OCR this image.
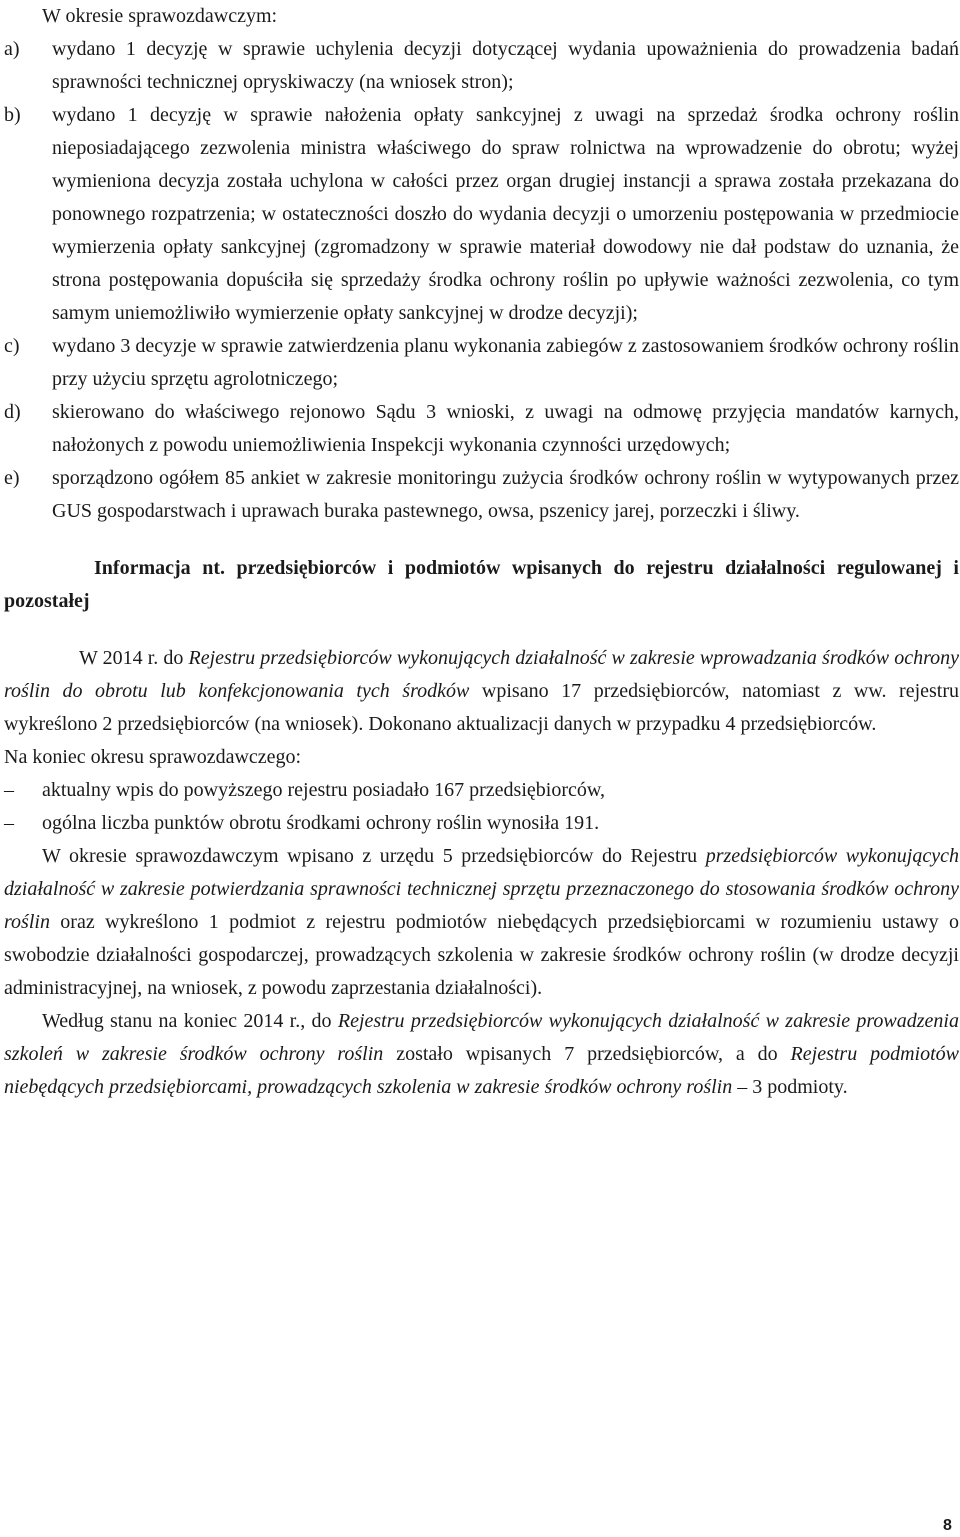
W okresie sprawozdawczym:

a) wydano 1 decyzję w sprawie uchylenia decyzji dotyczącej wydania upoważnienia do prowadzenia badań sprawności technicznej opryskiwaczy (na wniosek stron);
b) wydano 1 decyzję w sprawie nałożenia opłaty sankcyjnej z uwagi na sprzedaż środka ochrony roślin nieposiadającego zezwolenia ministra właściwego do spraw rolnictwa na wprowadzenie do obrotu; wyżej wymieniona decyzja została uchylona w całości przez organ drugiej instancji a sprawa została przekazana do ponownego rozpatrzenia; w ostateczności doszło do wydania decyzji o umorzeniu postępowania w przedmiocie wymierzenia opłaty sankcyjnej (zgromadzony w sprawie materiał dowodowy nie dał podstaw do uznania, że strona postępowania dopuściła się sprzedaży środka ochrony roślin po upływie ważności zezwolenia, co tym samym uniemożliwiło wymierzenie opłaty sankcyjnej w drodze decyzji);
c) wydano 3 decyzje w sprawie zatwierdzenia planu wykonania zabiegów z zastosowaniem środków ochrony roślin przy użyciu sprzętu agrolotniczego;
d) skierowano do właściwego rejonowo Sądu 3 wnioski, z uwagi na odmowę przyjęcia mandatów karnych, nałożonych z powodu uniemożliwienia Inspekcji wykonania czynności urzędowych;
e) sporządzono ogółem 85 ankiet w zakresie monitoringu zużycia środków ochrony roślin w wytypowanych przez GUS gospodarstwach i uprawach buraka pastewnego, owsa, pszenicy jarej, porzeczki i śliwy.

Informacja nt. przedsiębiorców i podmiotów wpisanych do rejestru działalności regulowanej i pozostałej

W 2014 r. do Rejestru przedsiębiorców wykonujących działalność w zakresie wprowadzania środków ochrony roślin do obrotu lub konfekcjonowania tych środków wpisano 17 przedsiębiorców, natomiast z ww. rejestru wykreślono 2 przedsiębiorców (na wniosek). Dokonano aktualizacji danych w przypadku 4 przedsiębiorców.

Na koniec okresu sprawozdawczego:

– aktualny wpis do powyższego rejestru posiadało 167 przedsiębiorców,
– ogólna liczba punktów obrotu środkami ochrony roślin wynosiła 191.

W okresie sprawozdawczym wpisano z urzędu 5 przedsiębiorców do Rejestru przedsiębiorców wykonujących działalność w zakresie potwierdzania sprawności technicznej sprzętu przeznaczonego do stosowania środków ochrony roślin oraz wykreślono 1 podmiot z rejestru podmiotów niebędących przedsiębiorcami w rozumieniu ustawy o swobodzie działalności gospodarczej, prowadzących szkolenia w zakresie środków ochrony roślin (w drodze decyzji administracyjnej, na wniosek, z powodu zaprzestania działalności).

Według stanu na koniec 2014 r., do Rejestru przedsiębiorców wykonujących działalność w zakresie prowadzenia szkoleń w zakresie środków ochrony roślin zostało wpisanych 7 przedsiębiorców, a do Rejestru podmiotów niebędących przedsiębiorcami, prowadzących szkolenia w zakresie środków ochrony roślin – 3 podmioty.

8
